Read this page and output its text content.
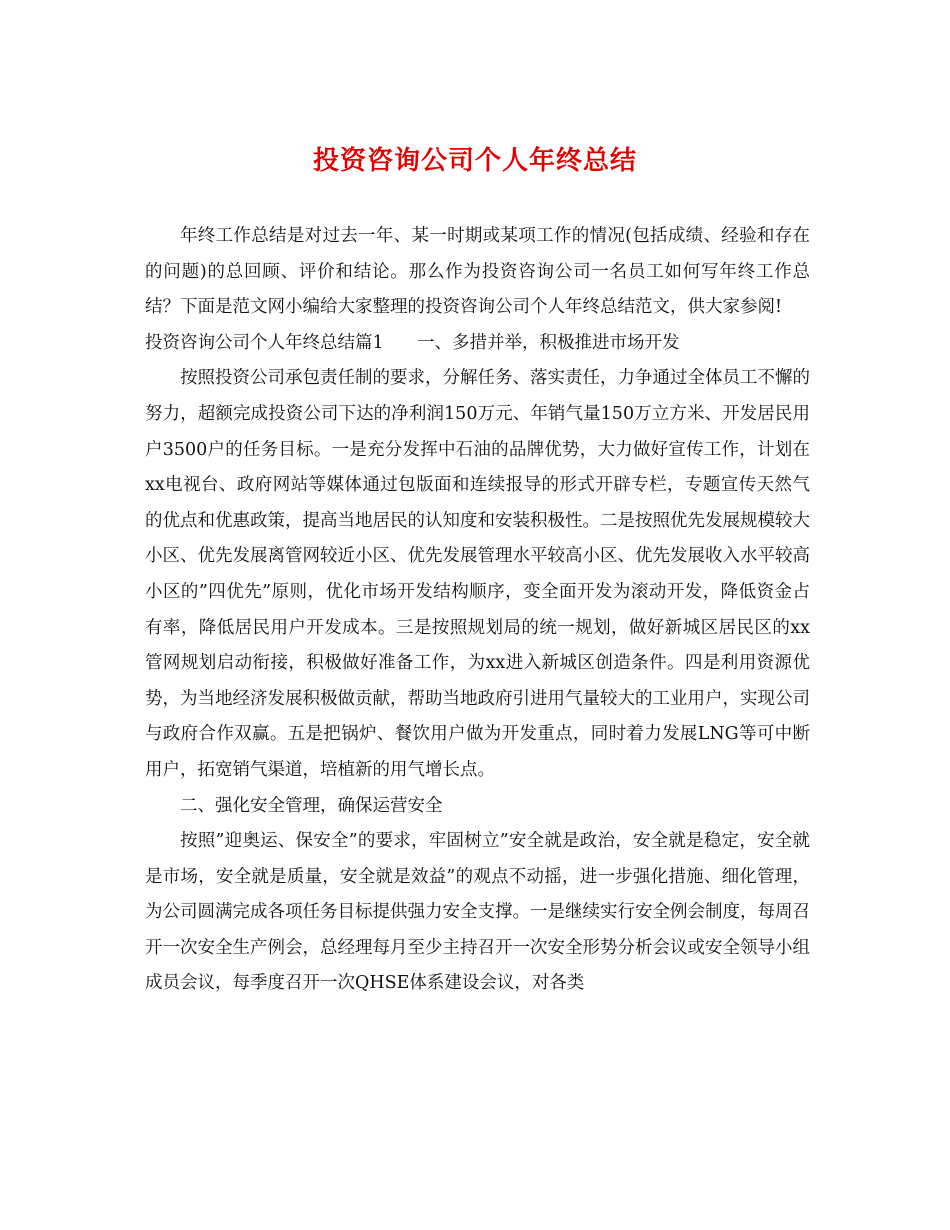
投资咨询公司个人年终总结

年终工作总结是对过去一年、某一时期或某项工作的情况(包括成绩、经验和存在的问题)的总回顾、评价和结论。那么作为投资咨询公司一名员工如何写年终工作总结？下面是范文网小编给大家整理的投资咨询公司个人年终总结范文，供大家参阅!

投资咨询公司个人年终总结篇1 一、多措并举，积极推进市场开发

按照投资公司承包责任制的要求，分解任务、落实责任，力争通过全体员工不懈的努力，超额完成投资公司下达的净利润150万元、年销气量150万立方米、开发居民用户3500户的任务目标。一是充分发挥中石油的品牌优势，大力做好宣传工作，计划在xx电视台、政府网站等媒体通过包版面和连续报导的形式开辟专栏，专题宣传天然气的优点和优惠政策，提高当地居民的认知度和安装积极性。二是按照优先发展规模较大小区、优先发展离管网较近小区、优先发展管理水平较高小区、优先发展收入水平较高小区的”四优先”原则，优化市场开发结构顺序，变全面开发为滚动开发，降低资金占有率，降低居民用户开发成本。三是按照规划局的统一规划，做好新城区居民区的xx管网规划启动衔接，积极做好准备工作，为xx进入新城区创造条件。四是利用资源优势，为当地经济发展积极做贡献，帮助当地政府引进用气量较大的工业用户，实现公司与政府合作双赢。五是把锅炉、餐饮用户做为开发重点，同时着力发展LNG等可中断用户，拓宽销气渠道，培植新的用气增长点。

二、强化安全管理，确保运营安全

按照”迎奥运、保安全”的要求，牢固树立”安全就是政治，安全就是稳定，安全就是市场，安全就是质量，安全就是效益”的观点不动摇，进一步强化措施、细化管理，为公司圆满完成各项任务目标提供强力安全支撑。一是继续实行安全例会制度，每周召开一次安全生产例会，总经理每月至少主持召开一次安全形势分析会议或安全领导小组成员会议，每季度召开一次QHSE体系建设会议，对各类
